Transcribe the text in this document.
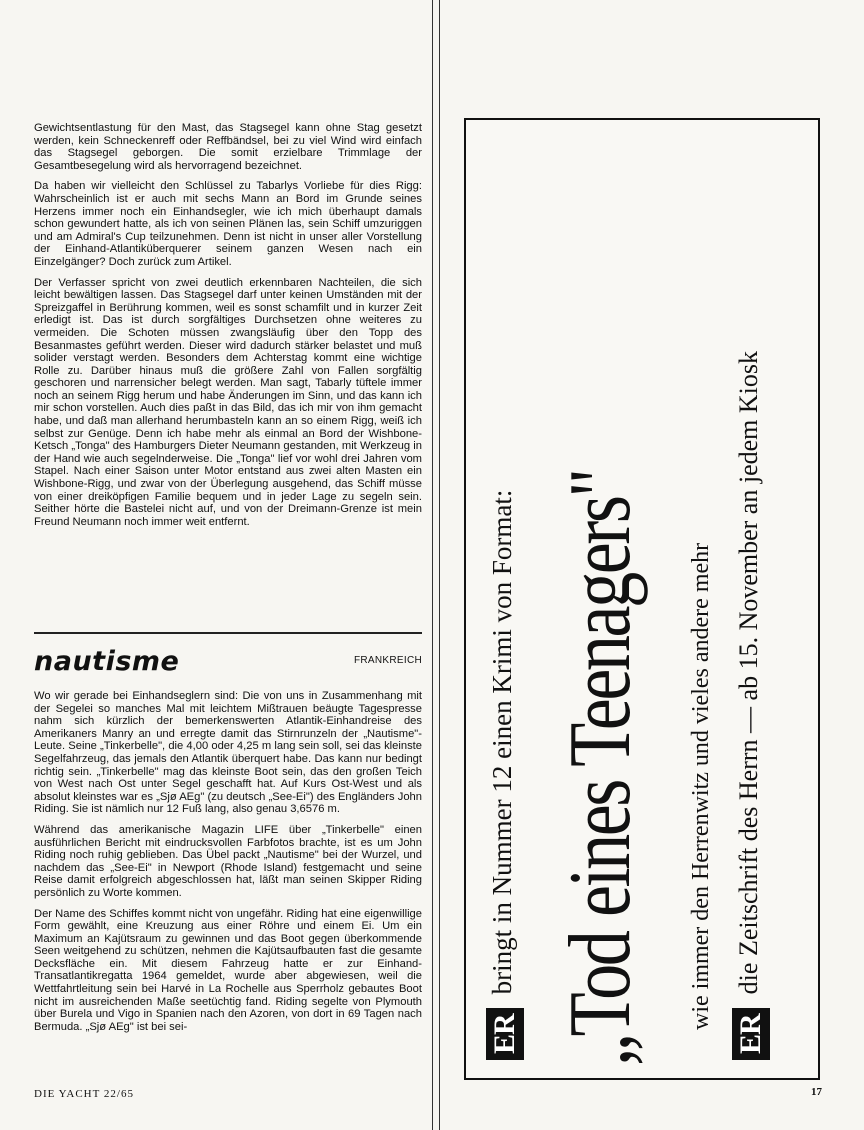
Gewichtsentlastung für den Mast, das Stagsegel kann ohne Stag gesetzt werden, kein Schneckenreff oder Reffbändsel, bei zu viel Wind wird einfach das Stagsegel geborgen. Die somit erzielbare Trimmlage der Gesamtbesegelung wird als hervorragend bezeichnet.

Da haben wir vielleicht den Schlüssel zu Tabarlys Vorliebe für dies Rigg: Wahrscheinlich ist er auch mit sechs Mann an Bord im Grunde seines Herzens immer noch ein Einhandsegler, wie ich mich überhaupt damals schon gewundert hatte, als ich von seinen Plänen las, sein Schiff umzuriggen und am Admiral's Cup teilzunehmen. Denn ist nicht in unser aller Vorstellung der Einhand-Atlantiküberquerer seinem ganzen Wesen nach ein Einzelgänger? Doch zurück zum Artikel.

Der Verfasser spricht von zwei deutlich erkennbaren Nachteilen, die sich leicht bewältigen lassen. Das Stagsegel darf unter keinen Umständen mit der Spreizgaffel in Berührung kommen, weil es sonst schamfilt und in kurzer Zeit erledigt ist. Das ist durch sorgfältiges Durchsetzen ohne weiteres zu vermeiden. Die Schoten müssen zwangsläufig über den Topp des Besanmastes geführt werden. Dieser wird dadurch stärker belastet und muß solider verstagt werden. Besonders dem Achterstag kommt eine wichtige Rolle zu. Darüber hinaus muß die größere Zahl von Fallen sorgfältig geschoren und narrensicher belegt werden. Man sagt, Tabarly tüftele immer noch an seinem Rigg herum und habe Änderungen im Sinn, und das kann ich mir schon vorstellen. Auch dies paßt in das Bild, das ich mir von ihm gemacht habe, und daß man allerhand herumbasteln kann an so einem Rigg, weiß ich selbst zur Genüge. Denn ich habe mehr als einmal an Bord der Wishbone-Ketsch „Tonga" des Hamburgers Dieter Neumann gestanden, mit Werkzeug in der Hand wie auch segelnderweise. Die „Tonga" lief vor wohl drei Jahren vom Stapel. Nach einer Saison unter Motor entstand aus zwei alten Masten ein Wishbone-Rigg, und zwar von der Überlegung ausgehend, das Schiff müsse von einer dreiköpfigen Familie bequem und in jeder Lage zu segeln sein. Seither hörte die Bastelei nicht auf, und von der Dreimann-Grenze ist mein Freund Neumann noch immer weit entfernt.

nautisme	FRANKREICH

Wo wir gerade bei Einhandseglern sind: Die von uns in Zusammenhang mit der Segelei so manches Mal mit leichtem Mißtrauen beäugte Tagespresse nahm sich kürzlich der bemerkenswerten Atlantik-Einhandreise des Amerikaners Manry an und erregte damit das Stirnrunzeln der „Nautisme"-Leute. Seine „Tinkerbelle", die 4,00 oder 4,25 m lang sein soll, sei das kleinste Segelfahrzeug, das jemals den Atlantik überquert habe. Das kann nur bedingt richtig sein. „Tinkerbelle" mag das kleinste Boot sein, das den großen Teich von West nach Ost unter Segel geschafft hat. Auf Kurs Ost-West und als absolut kleinstes war es „Sjø AEg" (zu deutsch „See-Ei") des Engländers John Riding. Sie ist nämlich nur 12 Fuß lang, also genau 3,6576 m.

Während das amerikanische Magazin LIFE über „Tinkerbelle" einen ausführlichen Bericht mit eindrucksvollen Farbfotos brachte, ist es um John Riding noch ruhig geblieben. Das Übel packt „Nautisme" bei der Wurzel, und nachdem das „See-Ei" in Newport (Rhode Island) festgemacht und seine Reise damit erfolgreich abgeschlossen hat, läßt man seinen Skipper Riding persönlich zu Worte kommen.

Der Name des Schiffes kommt nicht von ungefähr. Riding hat eine eigenwillige Form gewählt, eine Kreuzung aus einer Röhre und einem Ei. Um ein Maximum an Kajütsraum zu gewinnen und das Boot gegen überkommende Seen weitgehend zu schützen, nehmen die Kajütsaufbauten fast die gesamte Decksfläche ein. Mit diesem Fahrzeug hatte er zur Einhand-Transatlantikregatta 1964 gemeldet, wurde aber abgewiesen, weil die Wettfahrtleitung sein bei Harvé in La Rochelle aus Sperrholz gebautes Boot nicht im ausreichenden Maße seetüchtig fand. Riding segelte von Plymouth über Burela und Vigo in Spanien nach den Azoren, von dort in 69 Tagen nach Bermuda. „Sjø AEg" ist bei sei-	ERbringt in Nummer 12 einen Krimi von Format: „Tod eines Teenagers" wie immer den Herrenwitz und vieles andere mehr
ERdie Zeitschrift des Herrn — ab 15. November an jedem Kiosk
DIE YACHT 22/65	17
